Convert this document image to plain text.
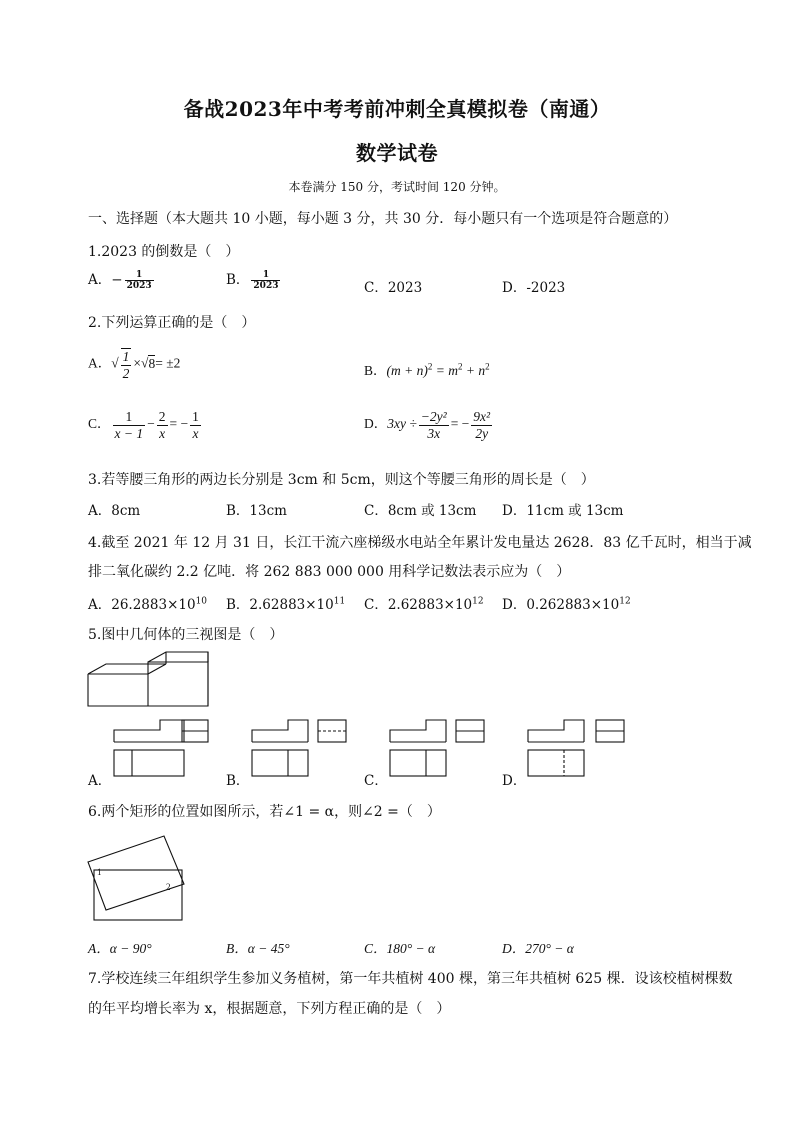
备战2023年中考考前冲刺全真模拟卷（南通）
数学试卷
本卷满分 150 分，考试时间 120 分钟。
一、选择题（本大题共 10 小题，每小题 3 分，共 30 分．每小题只有一个选项是符合题意的）
1.2023 的倒数是（　）
A．− $\frac{1}{2023}$	B． $\frac{1}{2023}$	C．2023	D．-2023
2.下列运算正确的是（　）
A．√ $\frac{1}{2} \times√8= \pm 2$	B．$(m + n)^2 = m^2 + n^2$
C． $\frac{1}{x - 1} - \frac{2}{x}$ = − $\frac{1}{x}$	D．$3xy \div \frac{\text{−2y²}}{3x}$ = − $\frac{\text{9x²}}{2y}$
3.若等腰三角形的两边长分别是 3cm 和 5cm，则这个等腰三角形的周长是（　）
A．8cm	B．13cm	C．8cm 或 13cm D．11cm 或 13cm
4.截至 2021 年 12 月 31 日，长江干流六座梯级水电站全年累计发电量达 2628．83 亿千瓦时，相当于减
排二氧化碳约 2.2 亿吨．将 262 883 000 000 用科学记数法表示应为（　）
A．$26.2883\times 10^{10}$ B．$2.62883\times 10^{11}$ C．$2.62883\times 10^{12}$ D．$0.262883\times 10^{12}$
5.图中几何体的三视图是（　）
A．	B．	C．	D．
6.两个矩形的位置如图所示，若∠1 = α，则∠2 =（　）
1
2
A．α − 90°	B．α − 45°	C．180° − α	D．270° − α
7.学校连续三年组织学生参加义务植树，第一年共植树 400 棵，第三年共植树 625 棵．设该校植树棵数
的年平均增长率为 x，根据题意，下列方程正确的是（　）
